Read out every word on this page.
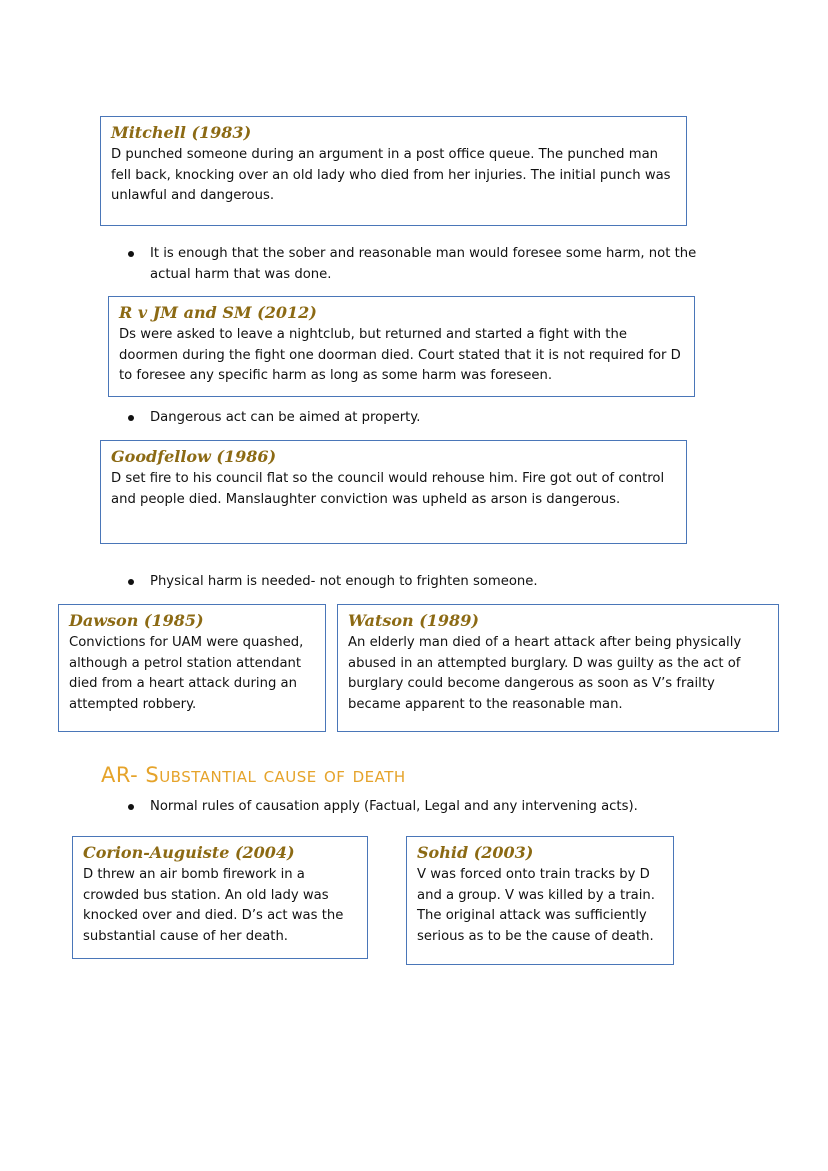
Mitchell (1983)
D punched someone during an argument in a post office queue. The punched man fell back, knocking over an old lady who died from her injuries. The initial punch was unlawful and dangerous.
It is enough that the sober and reasonable man would foresee some harm, not the actual harm that was done.
R v JM and SM (2012)
Ds were asked to leave a nightclub, but returned and started a fight with the doormen during the fight one doorman died. Court stated that it is not required for D to foresee any specific harm as long as some harm was foreseen.
Dangerous act can be aimed at property.
Goodfellow (1986)
D set fire to his council flat so the council would rehouse him. Fire got out of control and people died. Manslaughter conviction was upheld as arson is dangerous.
Physical harm is needed- not enough to frighten someone.
Dawson (1985)
Convictions for UAM were quashed, although a petrol station attendant died from a heart attack during an attempted robbery.
Watson (1989)
An elderly man died of a heart attack after being physically abused in an attempted burglary. D was guilty as the act of burglary could become dangerous as soon as V’s frailty became apparent to the reasonable man.
AR- Substantial cause of death
Normal rules of causation apply (Factual, Legal and any intervening acts).
Corion-Auguiste (2004)
D threw an air bomb firework in a crowded bus station. An old lady was knocked over and died. D’s act was the substantial cause of her death.
Sohid (2003)
V was forced onto train tracks by D and a group. V was killed by a train. The original attack was sufficiently serious as to be the cause of death.
